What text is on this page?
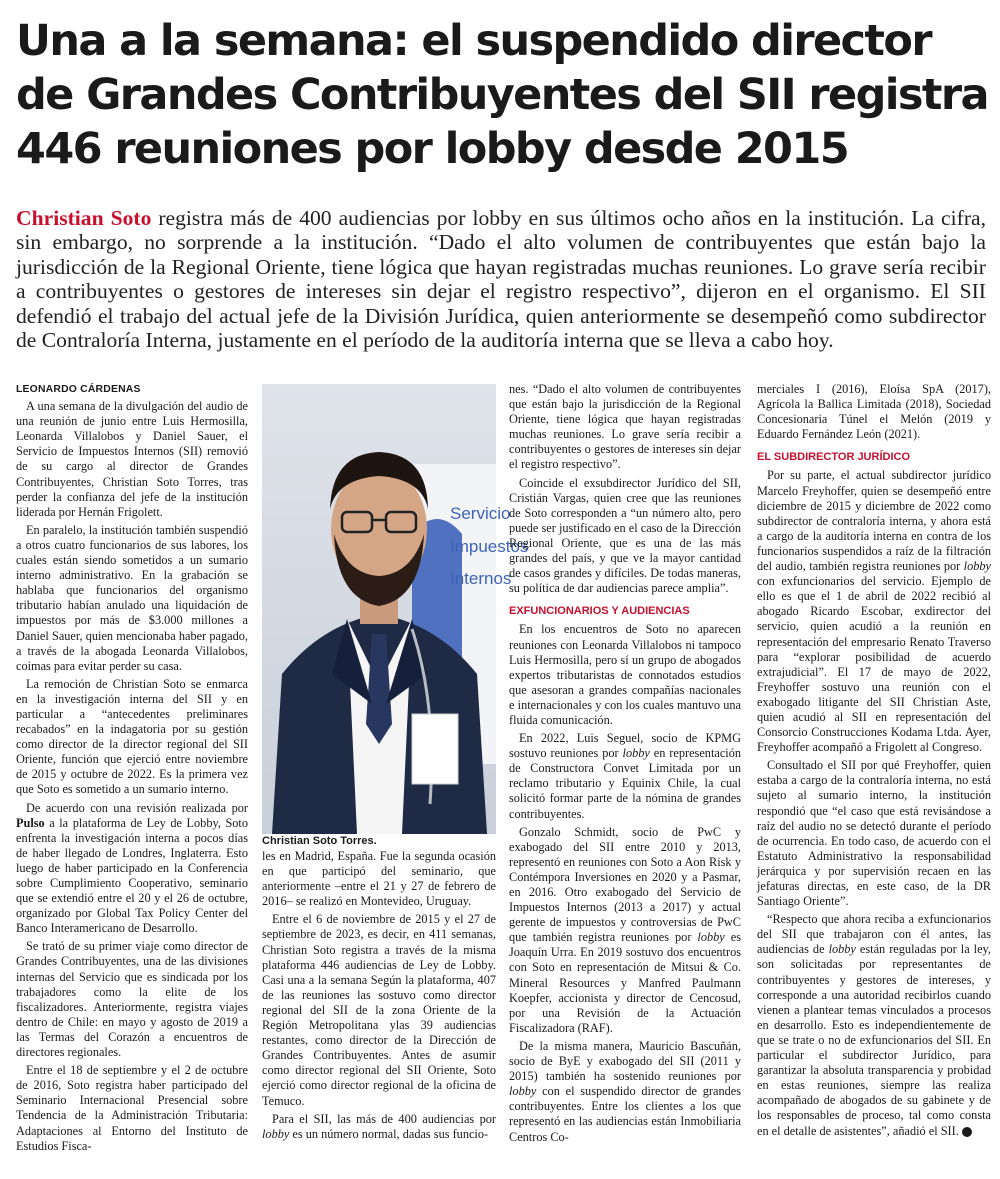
Una a la semana: el suspendido director
de Grandes Contribuyentes del SII registra
446 reuniones por lobby desde 2015
Christian Soto registra más de 400 audiencias por lobby en sus últimos ocho años en la institución. La cifra, sin embargo, no sorprende a la institución. “Dado el alto volumen de contribuyentes que están bajo la jurisdicción de la Regional Oriente, tiene lógica que hayan registradas muchas reuniones. Lo grave sería recibir a contribuyentes o gestores de intereses sin dejar el registro respectivo”, dijeron en el organismo. El SII defendió el trabajo del actual jefe de la División Jurídica, quien anteriormente se desempeñó como subdirector de Contraloría Interna, justamente en el período de la auditoría interna que se lleva a cabo hoy.

LEONARDO CÁRDENAS

A una semana de la divulgación del audio de una reunión de junio entre Luis Hermosilla, Leonarda Villalobos y Daniel Sauer, el Servicio de Impuestos Internos (SII) removió de su cargo al director de Grandes Contribuyentes, Christian Soto Torres, tras perder la confianza del jefe de la institución liderada por Hernán Frigolett.

En paralelo, la institución también suspendió a otros cuatro funcionarios de sus labores, los cuales están siendo sometidos a un sumario interno administrativo. En la grabación se hablaba que funcionarios del organismo tributario habían anulado una liquidación de impuestos por más de $3.000 millones a Daniel Sauer, quien mencionaba haber pagado, a través de la abogada Leonarda Villalobos, coimas para evitar perder su casa.

La remoción de Christian Soto se enmarca en la investigación interna del SII y en particular a “antecedentes preliminares recabados” en la indagatoria por su gestión como director de la director regional del SII Oriente, función que ejerció entre noviembre de 2015 y octubre de 2022. Es la primera vez que Soto es sometido a un sumario interno.

De acuerdo con una revisión realizada por Pulso a la plataforma de Ley de Lobby, Soto enfrenta la investigación interna a pocos días de haber llegado de Londres, Inglaterra. Esto luego de haber participado en la Conferencia sobre Cumplimiento Cooperativo, seminario que se extendió entre el 20 y el 26 de octubre, organizado por Global Tax Policy Center del Banco Interamericano de Desarrollo.

Se trató de su primer viaje como director de Grandes Contribuyentes, una de las divisiones internas del Servicio que es sindicada por los trabajadores como la elite de los fiscalizadores. Anteriormente, registra viajes dentro de Chile: en mayo y agosto de 2019 a las Termas del Corazón a encuentros de directores regionales.

Entre el 18 de septiembre y el 2 de octubre de 2016, Soto registra haber participado del Seminario Internacional Presencial sobre Tendencia de la Administración Tributaria: Adaptaciones al Entorno del Instituto de Estudios Fisca-

Servicio
Impuestos
Internos
Christian Soto Torres.

les en Madrid, España. Fue la segunda ocasión en que participó del seminario, que anteriormente –entre el 21 y 27 de febrero de 2016– se realizó en Montevideo, Uruguay.

Entre el 6 de noviembre de 2015 y el 27 de septiembre de 2023, es decir, en 411 semanas, Christian Soto registra a través de la misma plataforma 446 audiencias de Ley de Lobby. Casi una a la semana Según la plataforma, 407 de las reuniones las sostuvo como director regional del SII de la zona Oriente de la Región Metropolitana ylas 39 audiencias restantes, como director de la Dirección de Grandes Contribuyentes. Antes de asumir como director regional del SII Oriente, Soto ejerció como director regional de la oficina de Temuco.

Para el SII, las más de 400 audiencias por lobby es un número normal, dadas sus funcio-

nes. “Dado el alto volumen de contribuyentes que están bajo la jurisdicción de la Regional Oriente, tiene lógica que hayan registradas muchas reuniones. Lo grave sería recibir a contribuyentes o gestores de intereses sin dejar el registro respectivo”.

Coincide el exsubdirector Jurídico del SII, Cristián Vargas, quien cree que las reuniones de Soto corresponden a “un número alto, pero puede ser justificado en el caso de la Dirección Regional Oriente, que es una de las más grandes del país, y que ve la mayor cantidad de casos grandes y difíciles. De todas maneras, su política de dar audiencias parece amplia”.

EXFUNCIONARIOS Y AUDIENCIAS

En los encuentros de Soto no aparecen reuniones con Leonarda Villalobos ni tampoco Luis Hermosilla, pero sí un grupo de abogados expertos tributaristas de connotados estudios que asesoran a grandes compañías nacionales e internacionales y con los cuales mantuvo una fluida comunicación.

En 2022, Luis Seguel, socio de KPMG sostuvo reuniones por lobby en representación de Constructora Convet Limitada por un reclamo tributario y Equinix Chile, la cual solicitó formar parte de la nómina de grandes contribuyentes.

Gonzalo Schmidt, socio de PwC y exabogado del SII entre 2010 y 2013, representó en reuniones con Soto a Aon Risk y Contémpora Inversiones en 2020 y a Pasmar, en 2016. Otro exabogado del Servicio de Impuestos Internos (2013 a 2017) y actual gerente de impuestos y controversias de PwC que también registra reuniones por lobby es Joaquín Urra. En 2019 sostuvo dos encuentros con Soto en representación de Mitsui & Co. Mineral Resources y Manfred Paulmann Koepfer, accionista y director de Cencosud, por una Revisión de la Actuación Fiscalizadora (RAF).

De la misma manera, Mauricio Bascuñán, socio de ByE y exabogado del SII (2011 y 2015) también ha sostenido reuniones por lobby con el suspendido director de grandes contribuyentes. Entre los clientes a los que representó en las audiencias están Inmobiliaria Centros Co-

merciales I (2016), Eloísa SpA (2017), Agrícola la Ballica Limitada (2018), Sociedad Concesionaria Túnel el Melón (2019 y Eduardo Fernández León (2021).

EL SUBDIRECTOR JURÍDICO

Por su parte, el actual subdirector jurídico Marcelo Freyhoffer, quien se desempeñó entre diciembre de 2015 y diciembre de 2022 como subdirector de contraloría interna, y ahora está a cargo de la auditoría interna en contra de los funcionarios suspendidos a raíz de la filtración del audio, también registra reuniones por lobby con exfuncionarios del servicio. Ejemplo de ello es que el 1 de abril de 2022 recibió al abogado Ricardo Escobar, exdirector del servicio, quien acudió a la reunión en representación del empresario Renato Traverso para “explorar posibilidad de acuerdo extrajudicial”. El 17 de mayo de 2022, Freyhoffer sostuvo una reunión con el exabogado litigante del SII Christian Aste, quien acudió al SII en representación del Consorcio Construcciones Kodama Ltda. Ayer, Freyhoffer acompañó a Frigolett al Congreso.

Consultado el SII por qué Freyhoffer, quien estaba a cargo de la contraloría interna, no está sujeto al sumario interno, la institución respondió que “el caso que está revisándose a raíz del audio no se detectó durante el período de ocurrencia. En todo caso, de acuerdo con el Estatuto Administrativo la responsabilidad jerárquica y por supervisión recaen en las jefaturas directas, en este caso, de la DR Santiago Oriente”.

“Respecto que ahora reciba a exfuncionarios del SII que trabajaron con él antes, las audiencias de lobby están reguladas por la ley, son solicitadas por representantes de contribuyentes y gestores de intereses, y corresponde a una autoridad recibirlos cuando vienen a plantear temas vinculados a procesos en desarrollo. Esto es independientemente de que se trate o no de exfuncionarios del SII. En particular el subdirector Jurídico, para garantizar la absoluta transparencia y probidad en estas reuniones, siempre las realiza acompañado de abogados de su gabinete y de los responsables de proceso, tal como consta en el detalle de asistentes”, añadió el SII. P
